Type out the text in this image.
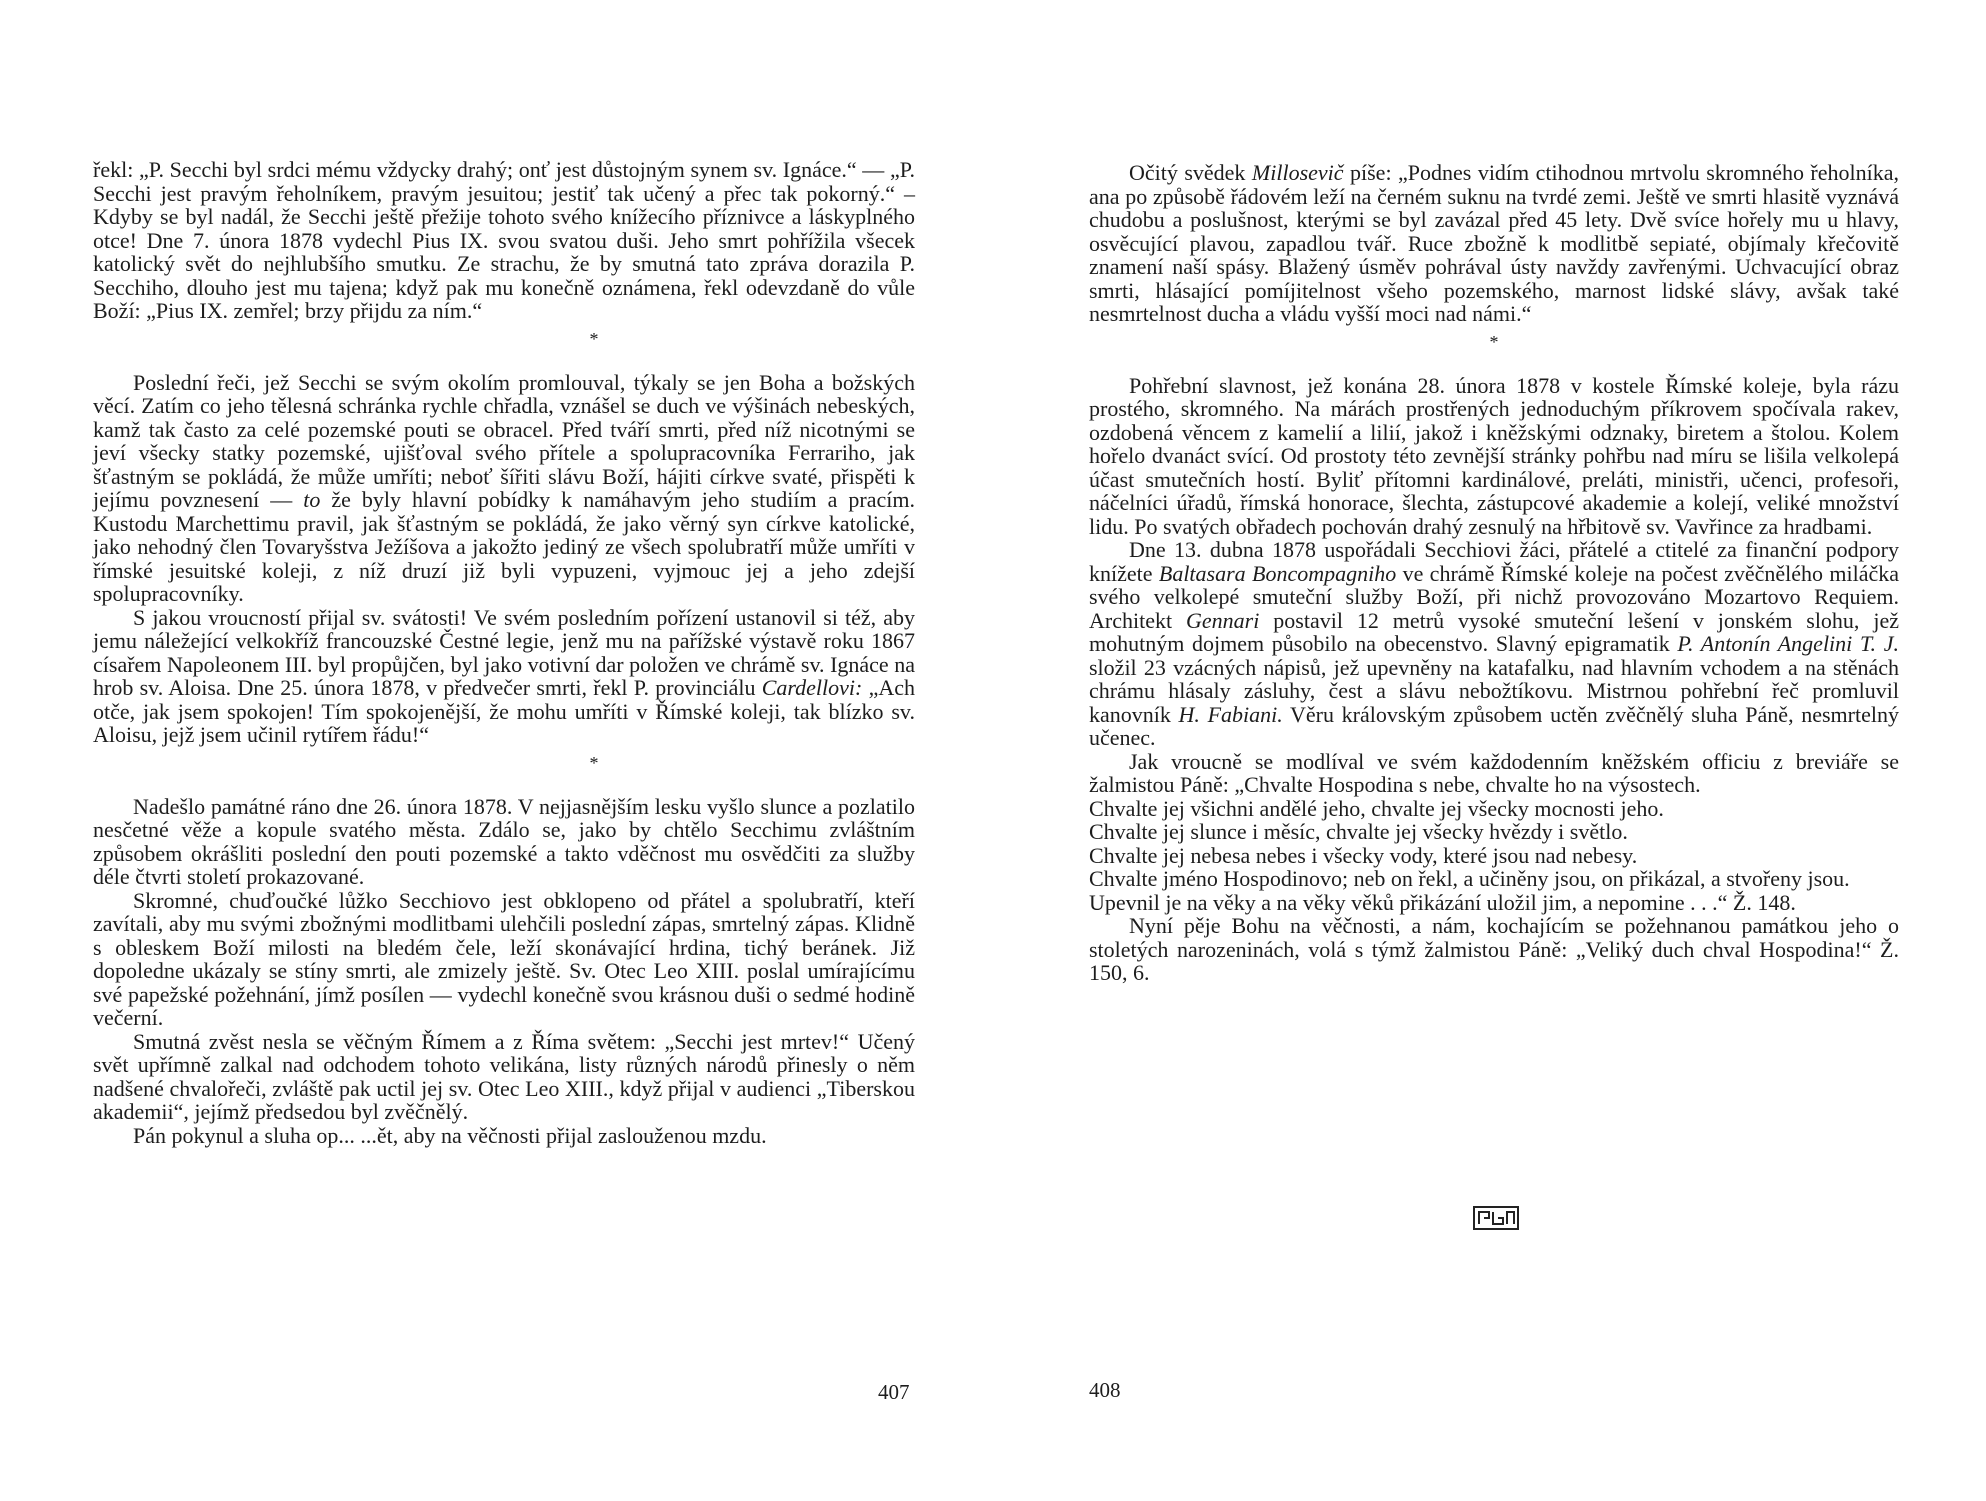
řekl: „P. Secchi byl srdci mému vždycky drahý; onť jest důstojným synem sv. Ignáce.“ — „P. Secchi jest pravým řeholníkem, pravým jesuitou; jestiť tak učený a přec tak pokorný.“ – Kdyby se byl nadál, že Secchi ještě přežije tohoto svého knížecího příznivce a láskyplného otce! Dne 7. února 1878 vydechl Pius IX. svou svatou duši. Jeho smrt pohřížila všecek katolický svět do nejhlubšího smutku. Ze strachu, že by smutná tato zpráva dorazila P. Secchiho, dlouho jest mu tajena; když pak mu konečně oznámena, řekl odevzdaně do vůle Boží: „Pius IX. zemřel; brzy přijdu za ním.“

*

Poslední řeči, jež Secchi se svým okolím promlouval, týkaly se jen Boha a božských věcí. Zatím co jeho tělesná schránka rychle chřadla, vznášel se duch ve výšinách nebeských, kamž tak často za celé pozemské pouti se obracel. Před tváří smrti, před níž nicotnými se jeví všecky statky pozemské, ujišťoval svého přítele a spolupracovníka Ferrariho, jak šťastným se pokládá, že může umříti; neboť šířiti slávu Boží, hájiti církve svaté, přispěti k jejímu povznesení — to že byly hlavní pobídky k namáhavým jeho studiím a pracím. Kustodu Marchettimu pravil, jak šťastným se pokládá, že jako věrný syn církve katolické, jako nehodný člen Tovaryšstva Ježíšova a jakožto jediný ze všech spolubratří může umříti v římské jesuitské koleji, z níž druzí již byli vypuzeni, vyjmouc jej a jeho zdejší spolupracovníky.

S jakou vroucností přijal sv. svátosti! Ve svém posledním pořízení ustanovil si též, aby jemu náležející velkokříž francouzské Čestné legie, jenž mu na pařížské výstavě roku 1867 císařem Napoleonem III. byl propůjčen, byl jako votivní dar položen ve chrámě sv. Ignáce na hrob sv. Aloisa. Dne 25. února 1878, v předvečer smrti, řekl P. provinciálu Cardellovi: „Ach otče, jak jsem spokojen! Tím spokojenější, že mohu umříti v Římské koleji, tak blízko sv. Aloisu, jejž jsem učinil rytířem řádu!“

*

Nadešlo památné ráno dne 26. února 1878. V nejjasnějším lesku vyšlo slunce a pozlatilo nesčetné věže a kopule svatého města. Zdálo se, jako by chtělo Secchimu zvláštním způsobem okrášliti poslední den pouti pozemské a takto vděčnost mu osvědčiti za služby déle čtvrti století prokazované.

Skromné, chuďoučké lůžko Secchiovo jest obklopeno od přátel a spolubratří, kteří zavítali, aby mu svými zbožnými modlitbami ulehčili poslední zápas, smrtelný zápas. Klidně s obleskem Boží milosti na bledém čele, leží skonávající hrdina, tichý beránek. Již dopoledne ukázaly se stíny smrti, ale zmizely ještě. Sv. Otec Leo XIII. poslal umírajícímu své papežské požehnání, jímž posílen — vydechl konečně svou krásnou duši o sedmé hodině večerní.

Smutná zvěst nesla se věčným Římem a z Říma světem: „Secchi jest mrtev!“ Učený svět upřímně zalkal nad odchodem tohoto velikána, listy různých národů přinesly o něm nadšené chvalořeči, zvláště pak uctil jej sv. Otec Leo XIII., když přijal v audienci „Tiberskou akademii“, jejímž předsedou byl zvěčnělý.

Pán pokynul a sluha op... ...ět, aby na věčnosti přijal zaslouženou mzdu.

407

Očitý svědek Millosevič píše: „Podnes vidím ctihodnou mrtvolu skromného řeholníka, ana po způsobě řádovém leží na černém suknu na tvrdé zemi. Ještě ve smrti hlasitě vyznává chudobu a poslušnost, kterými se byl zavázal před 45 lety. Dvě svíce hořely mu u hlavy, osvěcující plavou, zapadlou tvář. Ruce zbožně k modlitbě sepiaté, objímaly křečovitě znamení naší spásy. Blažený úsměv pohrával ústy navždy zavřenými. Uchvacující obraz smrti, hlásající pomíjitelnost všeho pozemského, marnost lidské slávy, avšak také nesmrtelnost ducha a vládu vyšší moci nad námi.“

*

Pohřební slavnost, jež konána 28. února 1878 v kostele Římské koleje, byla rázu prostého, skromného. Na márách prostřených jednoduchým příkrovem spočívala rakev, ozdobená věncem z kamelií a lilií, jakož i kněžskými odznaky, biretem a štolou. Kolem hořelo dvanáct svící. Od prostoty této zevnější stránky pohřbu nad míru se lišila velkolepá účast smutečních hostí. Byliť přítomni kardinálové, preláti, ministři, učenci, profesoři, náčelníci úřadů, římská honorace, šlechta, zástupcové akademie a kolejí, veliké množství lidu. Po svatých obřadech pochován drahý zesnulý na hřbitově sv. Vavřince za hradbami.

Dne 13. dubna 1878 uspořádali Secchiovi žáci, přátelé a ctitelé za finanční podpory knížete Baltasara Boncompagniho ve chrámě Římské koleje na počest zvěčnělého miláčka svého velkolepé smuteční služby Boží, při nichž provozováno Mozartovo Requiem. Architekt Gennari postavil 12 metrů vysoké smuteční lešení v jonském slohu, jež mohutným dojmem působilo na obecenstvo. Slavný epigramatik P. Antonín Angelini T. J. složil 23 vzácných nápisů, jež upevněny na katafalku, nad hlavním vchodem a na stěnách chrámu hlásaly zásluhy, čest a slávu nebožtíkovu. Mistrnou pohřební řeč promluvil kanovník H. Fabiani. Věru královským způsobem uctěn zvěčnělý sluha Páně, nesmrtelný učenec.

Jak vroucně se modlíval ve svém každodenním kněžském officiu z breviáře se žalmistou Páně: „Chvalte Hospodina s nebe, chvalte ho na výsostech.

Chvalte jej všichni andělé jeho, chvalte jej všecky mocnosti jeho.

Chvalte jej slunce i měsíc, chvalte jej všecky hvězdy i světlo.

Chvalte jej nebesa nebes i všecky vody, které jsou nad nebesy.

Chvalte jméno Hospodinovo; neb on řekl, a učiněny jsou, on přikázal, a stvořeny jsou.

Upevnil je na věky a na věky věků přikázání uložil jim, a nepomine . . .“ Ž. 148.

Nyní pěje Bohu na věčnosti, a nám, kochajícím se požehnanou památkou jeho o stoletých narozeninách, volá s týmž žalmistou Páně: „Veliký duch chval Hospodina!“ Ž. 150, 6.

408
